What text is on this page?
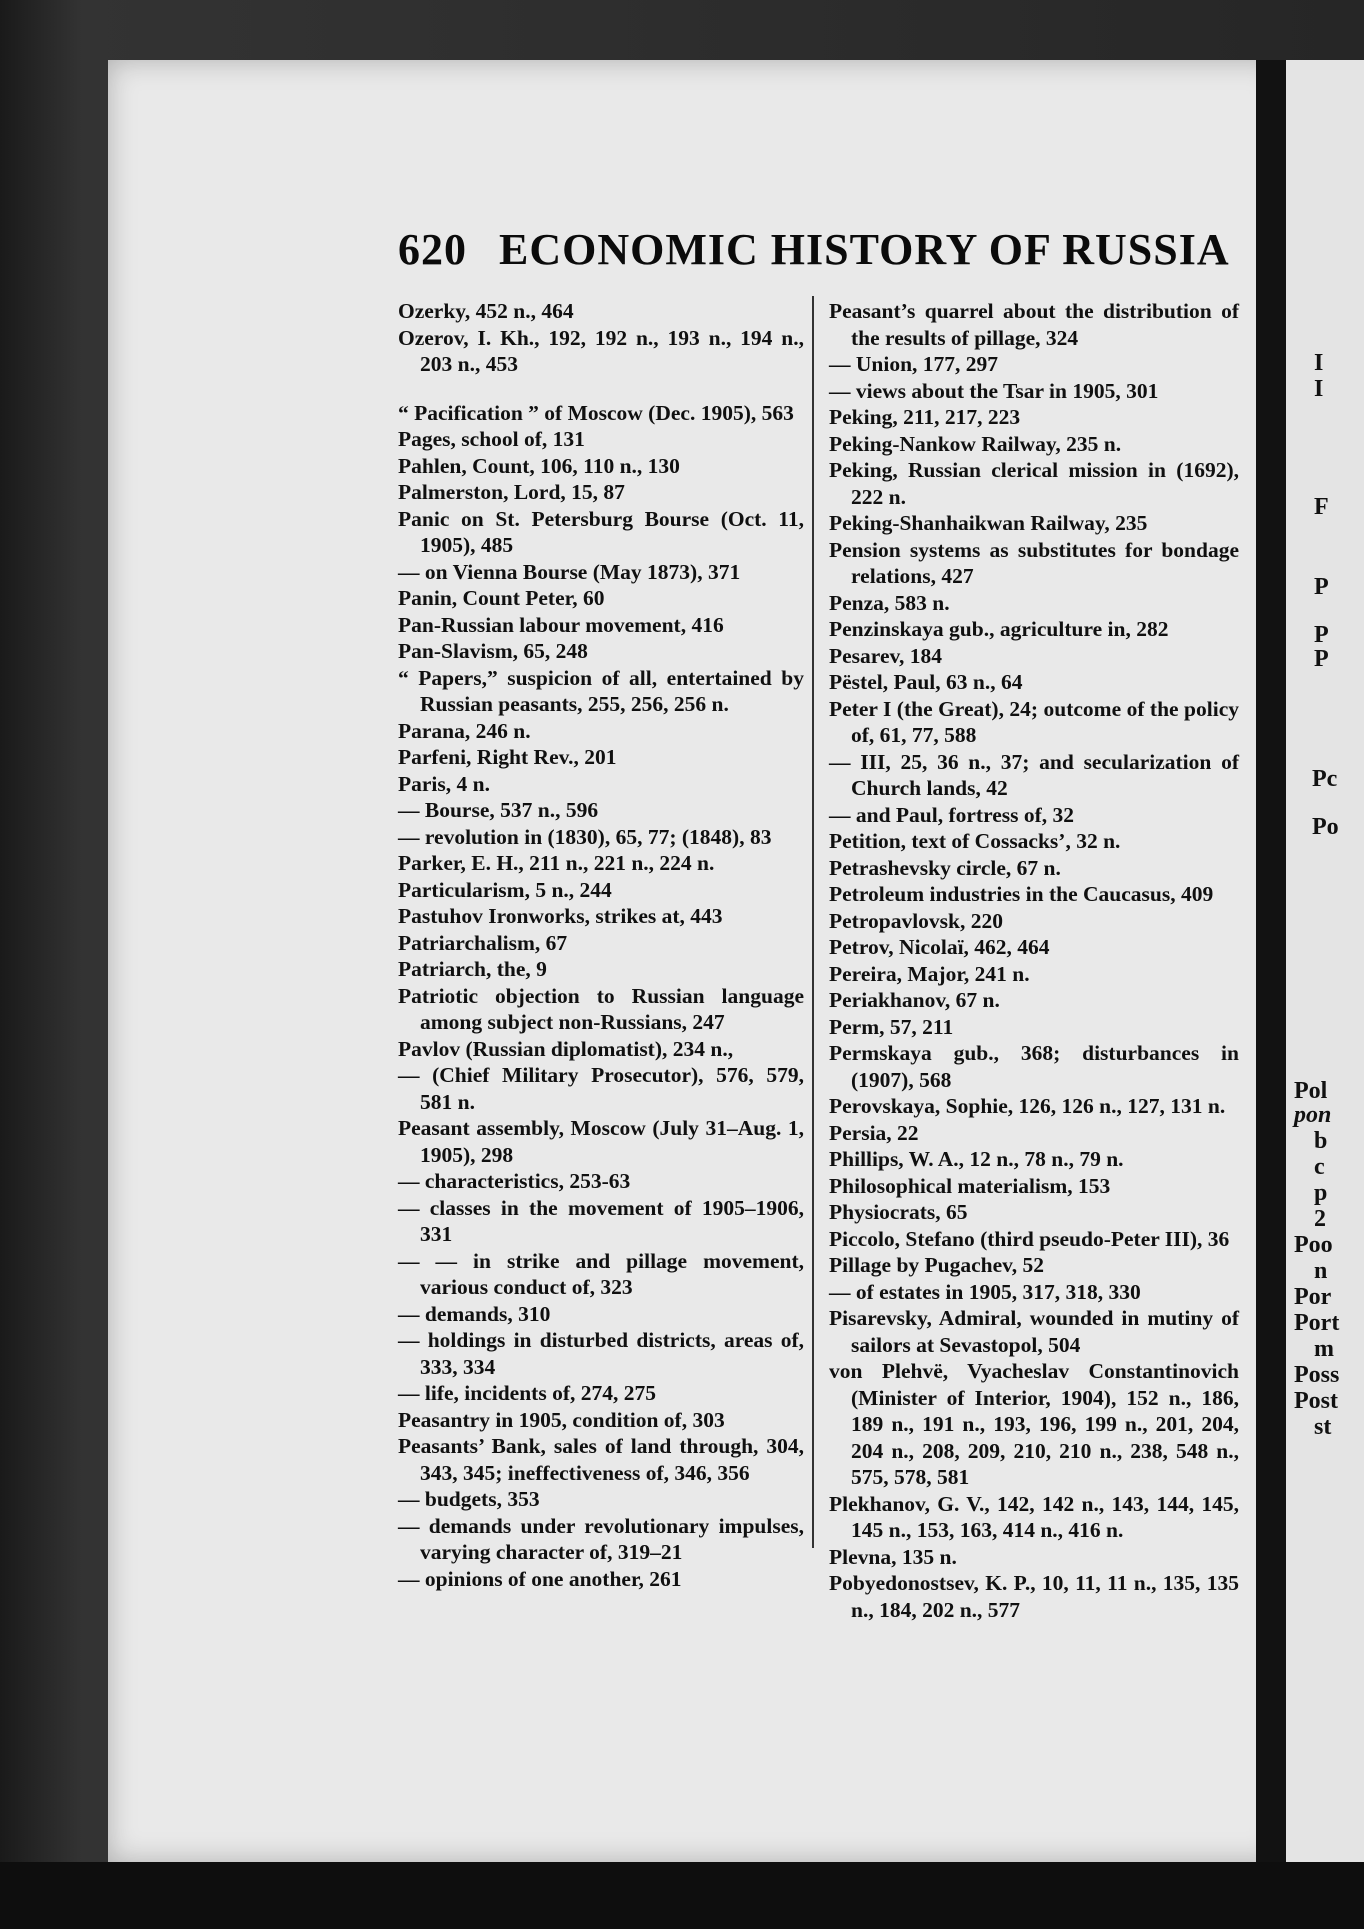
I
I
F
P
P
P
Pc
Po
Pol
pon
b
c
p
2
Poo
n
Por
Port
m
Poss
Post
st
620 ECONOMIC HISTORY OF RUSSIA

Ozerky, 452 n., 464

Ozerov, I. Kh., 192, 192 n., 193 n., 194 n., 203 n., 453

“ Pacification ” of Moscow (Dec. 1905), 563

Pages, school of, 131

Pahlen, Count, 106, 110 n., 130

Palmerston, Lord, 15, 87

Panic on St. Petersburg Bourse (Oct. 11, 1905), 485

— on Vienna Bourse (May 1873), 371

Panin, Count Peter, 60

Pan-Russian labour movement, 416

Pan-Slavism, 65, 248

“ Papers,” suspicion of all, entertained by Russian peasants, 255, 256, 256 n.

Parana, 246 n.

Parfeni, Right Rev., 201

Paris, 4 n.

— Bourse, 537 n., 596

— revolution in (1830), 65, 77; (1848), 83

Parker, E. H., 211 n., 221 n., 224 n.

Particularism, 5 n., 244

Pastuhov Ironworks, strikes at, 443

Patriarchalism, 67

Patriarch, the, 9

Patriotic objection to Russian language among subject non-Russians, 247

Pavlov (Russian diplomatist), 234 n.,

— (Chief Military Prosecutor), 576, 579, 581 n.

Peasant assembly, Moscow (July 31–Aug. 1, 1905), 298

— characteristics, 253-63

— classes in the movement of 1905–1906, 331

— — in strike and pillage movement, various conduct of, 323

— demands, 310

— holdings in disturbed districts, areas of, 333, 334

— life, incidents of, 274, 275

Peasantry in 1905, condition of, 303

Peasants’ Bank, sales of land through, 304, 343, 345; ineffectiveness of, 346, 356

— budgets, 353

— demands under revolutionary impulses, varying character of, 319–21

— opinions of one another, 261

Peasant’s quarrel about the distribution of the results of pillage, 324

— Union, 177, 297

— views about the Tsar in 1905, 301

Peking, 211, 217, 223

Peking-Nankow Railway, 235 n.

Peking, Russian clerical mission in (1692), 222 n.

Peking-Shanhaikwan Railway, 235

Pension systems as substitutes for bondage relations, 427

Penza, 583 n.

Penzinskaya gub., agriculture in, 282

Pesarev, 184

Pëstel, Paul, 63 n., 64

Peter I (the Great), 24; outcome of the policy of, 61, 77, 588

— III, 25, 36 n., 37; and secularization of Church lands, 42

— and Paul, fortress of, 32

Petition, text of Cossacks’, 32 n.

Petrashevsky circle, 67 n.

Petroleum industries in the Caucasus, 409

Petropavlovsk, 220

Petrov, Nicolaï, 462, 464

Pereira, Major, 241 n.

Periakhanov, 67 n.

Perm, 57, 211

Permskaya gub., 368; disturbances in (1907), 568

Perovskaya, Sophie, 126, 126 n., 127, 131 n.

Persia, 22

Phillips, W. A., 12 n., 78 n., 79 n.

Philosophical materialism, 153

Physiocrats, 65

Piccolo, Stefano (third pseudo-Peter III), 36

Pillage by Pugachev, 52

— of estates in 1905, 317, 318, 330

Pisarevsky, Admiral, wounded in mutiny of sailors at Sevastopol, 504

von Plehvë, Vyacheslav Constantinovich (Minister of Interior, 1904), 152 n., 186, 189 n., 191 n., 193, 196, 199 n., 201, 204, 204 n., 208, 209, 210, 210 n., 238, 548 n., 575, 578, 581

Plekhanov, G. V., 142, 142 n., 143, 144, 145, 145 n., 153, 163, 414 n., 416 n.

Plevna, 135 n.

Pobyedonostsev, K. P., 10, 11, 11 n., 135, 135 n., 184, 202 n., 577
